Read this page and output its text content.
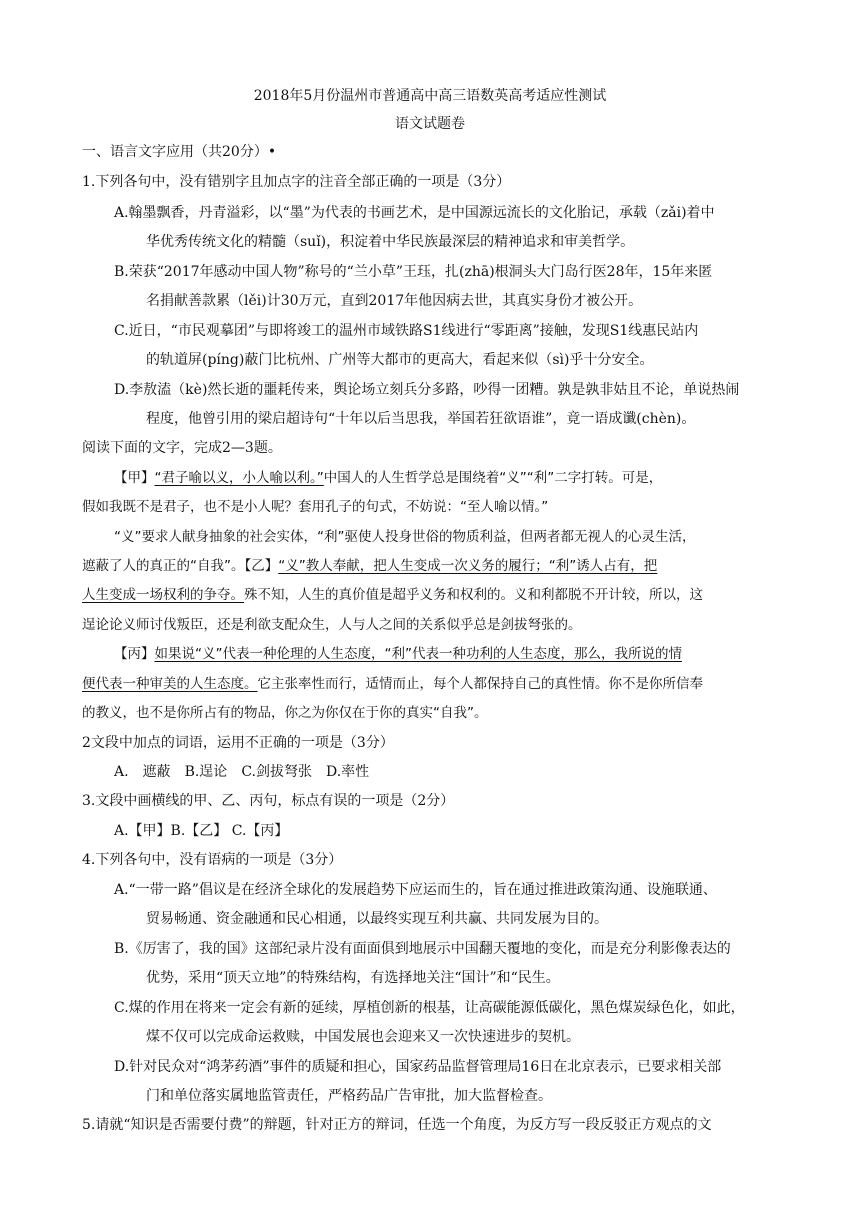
2018年5月份温州市普通高中高三语数英高考适应性测试
语文试题卷
一、语言文字应用（共20分）•
1.下列各句中，没有错别字且加点字的注音全部正确的一项是（3分）
A.翰墨飘香，丹青溢彩，以“墨”为代表的书画艺术，是中国源远流长的文化胎记，承载（zǎi)着中
华优秀传统文化的精髓（suǐ)，积淀着中华民族最深层的精神追求和审美哲学。
B.荣获“2017年感动中国人物”称号的“兰小草”王珏，扎(zhā)根洞头大门岛行医28年，15年来匿
名捐献善款累（lěi)计30万元，直到2017年他因病去世，其真实身份才被公开。
C.近日，“市民观摹团”与即将竣工的温州市域铁路S1线进行“零距离”接触，发现S1线惠民站内
的轨道屏(píng)蔽门比杭州、广州等大都市的更高大，看起来似（sì)乎十分安全。
D.李敖溘（kè)然长逝的噩耗传来，舆论场立刻兵分多路，吵得一团糟。孰是孰非姑且不论，单说热闹
程度，他曾引用的梁启超诗句“十年以后当思我，举国若狂欲语谁”，竟一语成谶(chèn)。
阅读下面的文字，完成2—3题。
【甲】“君子喻以义，小人喻以利。”中国人的人生哲学总是围绕着“义”“利”二字打转。可是，
假如我既不是君子，也不是小人呢？套用孔子的句式，不妨说：“至人喻以情。”
“义”要求人献身抽象的社会实体，“利”驱使人投身世俗的物质利益，但两者都无视人的心灵生活，
遮蔽了人的真正的“自我”。【乙】“义”教人奉献，把人生变成一次义务的履行；“利”诱人占有，把
人生变成一场权利的争夺。殊不知，人生的真价值是超乎义务和权利的。义和利都脱不开计较，所以，这
逞论论义师讨伐叛臣，还是利欲支配众生，人与人之间的关系似乎总是剑拔弩张的。
【丙】如果说“义”代表一种伦理的人生态度，“利”代表一种功利的人生态度，那么，我所说的情
便代表一种审美的人生态度。它主张率性而行，适情而止，每个人都保持自己的真性情。你不是你所信奉
的教义，也不是你所占有的物品，你之为你仅在于你的真实“自我”。
2文段中加点的词语，运用不正确的一项是（3分）
A.　遮蔽 B.逞论 C.剑拔弩张 D.率性
3.文段中画横线的甲、乙、丙句，标点有误的一项是（2分）
A.【甲】B.【乙】 C.【丙】
4.下列各句中，没有语病的一项是（3分）
A.“一带一路”倡议是在经济全球化的发展趋势下应运而生的，旨在通过推进政策沟通、设施联通、
贸易畅通、资金融通和民心相通，以最终实现互利共赢、共同发展为目的。
B.《厉害了，我的国》这部纪录片没有面面俱到地展示中国翻天覆地的变化，而是充分利影像表达的
优势，采用“顶天立地”的特殊结构，有选择地关注“国计”和“民生。
C.煤的作用在将来一定会有新的延续，厚植创新的根基，让高碳能源低碳化，黑色煤炭绿色化，如此，
煤不仅可以完成命运救赎，中国发展也会迎来又一次快速进步的契机。
D.针对民众对“鸿茅药酒”事件的质疑和担心，国家药品监督管理局16日在北京表示，已要求相关部
门和单位落实属地监管责任，严格药品广告审批，加大监督检查。
5.请就“知识是否需要付费”的辩题，针对正方的辩词，任选一个角度，为反方写一段反驳正方观点的文
